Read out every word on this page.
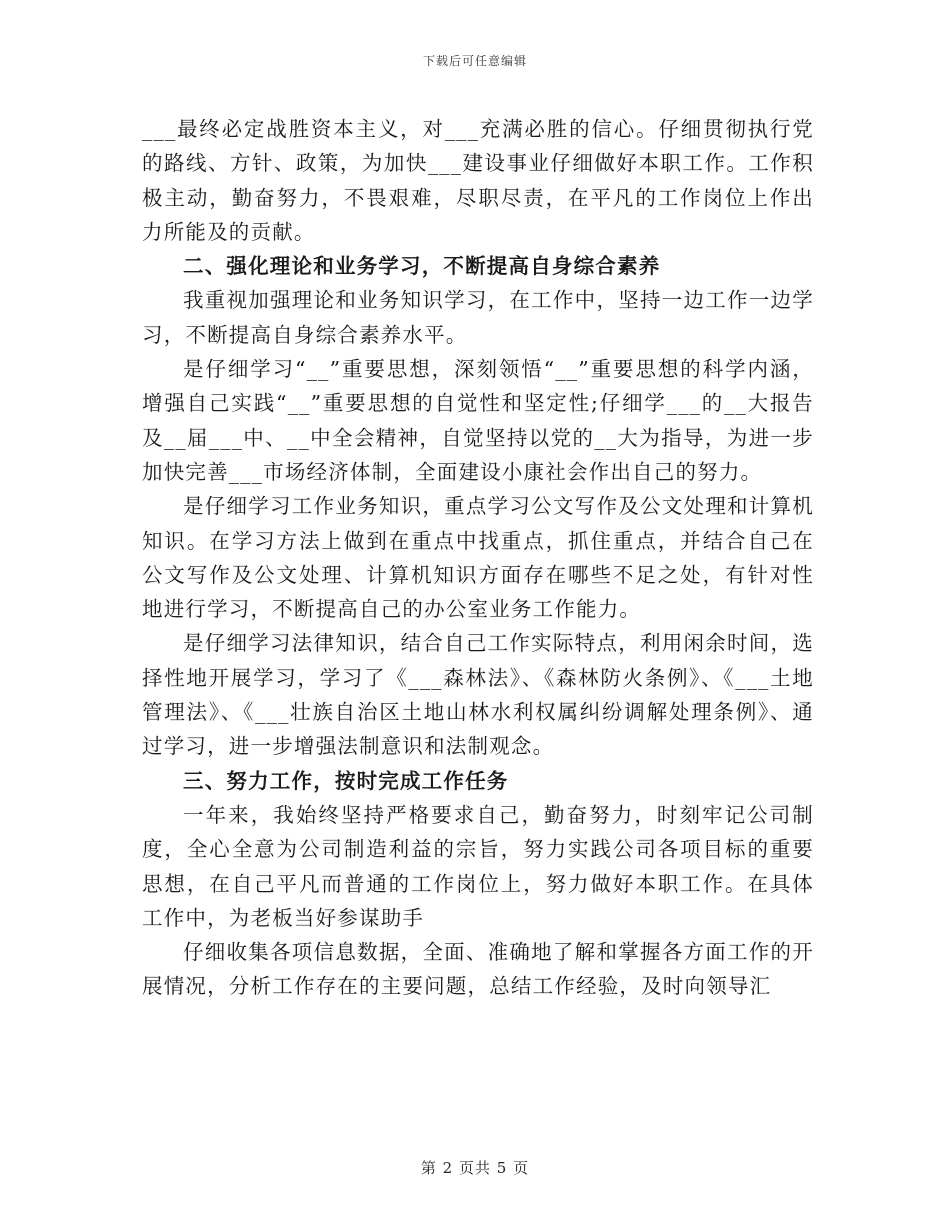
下载后可任意编辑

___最终必定战胜资本主义，对___充满必胜的信心。仔细贯彻执行党的路线、方针、政策，为加快___建设事业仔细做好本职工作。工作积极主动，勤奋努力，不畏艰难，尽职尽责，在平凡的工作岗位上作出力所能及的贡献。

二、强化理论和业务学习，不断提高自身综合素养

我重视加强理论和业务知识学习，在工作中，坚持一边工作一边学习，不断提高自身综合素养水平。

是仔细学习“__”重要思想，深刻领悟“__”重要思想的科学内涵，增强自己实践“__”重要思想的自觉性和坚定性;仔细学___的__大报告及__届___中、__中全会精神，自觉坚持以党的__大为指导，为进一步加快完善___市场经济体制，全面建设小康社会作出自己的努力。

是仔细学习工作业务知识，重点学习公文写作及公文处理和计算机知识。在学习方法上做到在重点中找重点，抓住重点，并结合自己在公文写作及公文处理、计算机知识方面存在哪些不足之处，有针对性地进行学习，不断提高自己的办公室业务工作能力。

是仔细学习法律知识，结合自己工作实际特点，利用闲余时间，选择性地开展学习，学习了《___森林法》、《森林防火条例》、《___土地管理法》、《___壮族自治区土地山林水利权属纠纷调解处理条例》、通过学习，进一步增强法制意识和法制观念。

三、努力工作，按时完成工作任务

一年来，我始终坚持严格要求自己，勤奋努力，时刻牢记公司制度，全心全意为公司制造利益的宗旨，努力实践公司各项目标的重要思想，在自己平凡而普通的工作岗位上，努力做好本职工作。在具体工作中，为老板当好参谋助手

仔细收集各项信息数据，全面、准确地了解和掌握各方面工作的开展情况，分析工作存在的主要问题，总结工作经验，及时向领导汇

第 2 页共 5 页
